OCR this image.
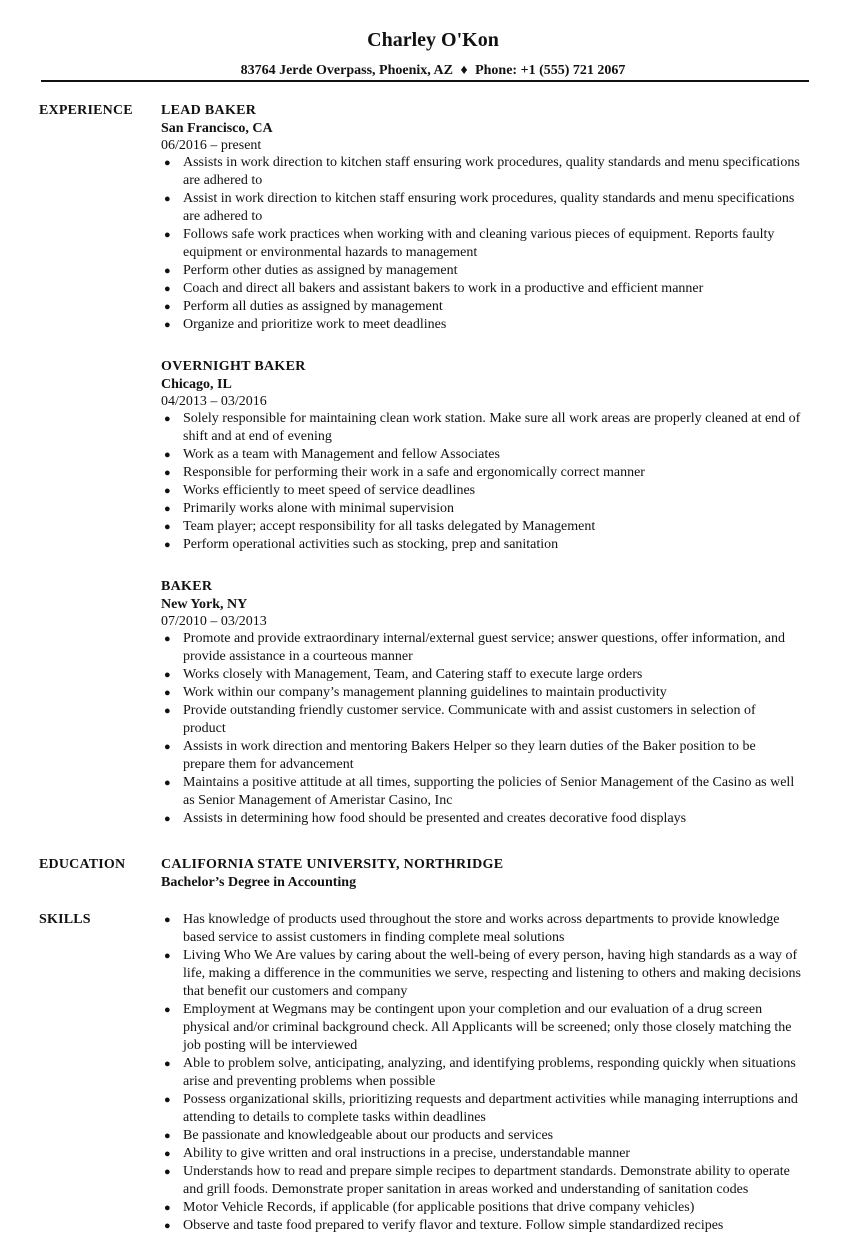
Charley O'Kon
83764 Jerde Overpass, Phoenix, AZ ♦ Phone: +1 (555) 721 2067
EXPERIENCE LEAD BAKER
San Francisco, CA
06/2016 – present
● Assists in work direction to kitchen staff ensuring work procedures, quality standards and menu specifications are adhered to
● Assist in work direction to kitchen staff ensuring work procedures, quality standards and menu specifications are adhered to
● Follows safe work practices when working with and cleaning various pieces of equipment. Reports faulty equipment or environmental hazards to management
● Perform other duties as assigned by management
● Coach and direct all bakers and assistant bakers to work in a productive and efficient manner
● Perform all duties as assigned by management
● Organize and prioritize work to meet deadlines
OVERNIGHT BAKER
Chicago, IL
04/2013 – 03/2016
● Solely responsible for maintaining clean work station. Make sure all work areas are properly cleaned at end of shift and at end of evening
● Work as a team with Management and fellow Associates
● Responsible for performing their work in a safe and ergonomically correct manner
● Works efficiently to meet speed of service deadlines
● Primarily works alone with minimal supervision
● Team player; accept responsibility for all tasks delegated by Management
● Perform operational activities such as stocking, prep and sanitation
BAKER
New York, NY
07/2010 – 03/2013
● Promote and provide extraordinary internal/external guest service; answer questions, offer information, and provide assistance in a courteous manner
● Works closely with Management, Team, and Catering staff to execute large orders
● Work within our company’s management planning guidelines to maintain productivity
● Provide outstanding friendly customer service. Communicate with and assist customers in selection of product
● Assists in work direction and mentoring Bakers Helper so they learn duties of the Baker position to be prepare them for advancement
● Maintains a positive attitude at all times, supporting the policies of Senior Management of the Casino as well as Senior Management of Ameristar Casino, Inc
● Assists in determining how food should be presented and creates decorative food displays
EDUCATION	CALIFORNIA STATE UNIVERSITY, NORTHRIDGE
Bachelor’s Degree in Accounting
SKILLS	● Has knowledge of products used throughout the store and works across departments to provide knowledge based service to assist customers in finding complete meal solutions
● Living Who We Are values by caring about the well-being of every person, having high standards as a way of life, making a difference in the communities we serve, respecting and listening to others and making decisions that benefit our customers and company
● Employment at Wegmans may be contingent upon your completion and our evaluation of a drug screen physical and/or criminal background check. All Applicants will be screened; only those closely matching the job posting will be interviewed
● Able to problem solve, anticipating, analyzing, and identifying problems, responding quickly when situations arise and preventing problems when possible
● Possess organizational skills, prioritizing requests and department activities while managing interruptions and attending to details to complete tasks within deadlines
● Be passionate and knowledgeable about our products and services
● Ability to give written and oral instructions in a precise, understandable manner
● Understands how to read and prepare simple recipes to department standards. Demonstrate ability to operate and grill foods. Demonstrate proper sanitation in areas worked and understanding of sanitation codes
● Motor Vehicle Records, if applicable (for applicable positions that drive company vehicles)
● Observe and taste food prepared to verify flavor and texture. Follow simple standardized recipes
